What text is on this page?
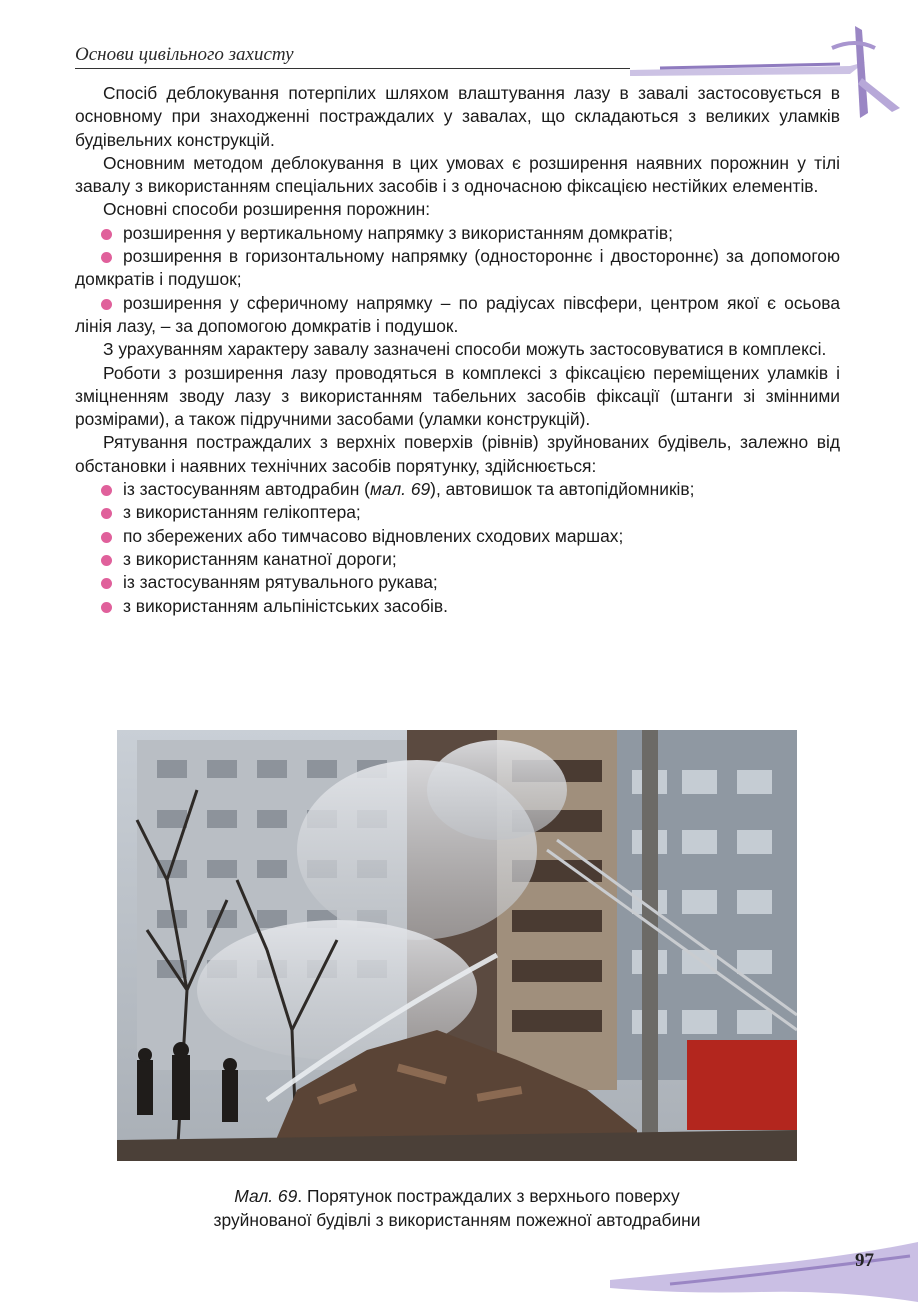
Основи цивільного захисту

Спосіб деблокування потерпілих шляхом влаштування лазу в завалі застосовується в основному при знаходженні постраждалих у завалах, що складаються з великих уламків будівельних конструкцій.

Основним методом деблокування в цих умовах є розширення наявних порожнин у тілі завалу з використанням спеціальних засобів і з одночасною фіксацією нестійких елементів.

Основні способи розширення порожнин:

розширення у вертикальному напрямку з використанням домкратів;
розширення в горизонтальному напрямку (одностороннє і двостороннє) за допомогою домкратів і подушок;
розширення у сферичному напрямку – по радіусах півсфери, центром якої є осьова лінія лазу, – за допомогою домкратів і подушок.

З урахуванням характеру завалу зазначені способи можуть застосовуватися в комплексі.

Роботи з розширення лазу проводяться в комплексі з фіксацією переміщених уламків і зміцненням зводу лазу з використанням табельних засобів фіксації (штанги зі змінними розмірами), а також підручними засобами (уламки конструкцій).

Рятування постраждалих з верхніх поверхів (рівнів) зруйнованих будівель, залежно від обстановки і наявних технічних засобів порятунку, здійснюється:

із застосуванням автодрабин (мал. 69), автовишок та автопідйомників;
з використанням гелікоптера;
по збережених або тимчасово відновлених сходових маршах;
з використанням канатної дороги;
із застосуванням рятувального рукава;
з використанням альпіністських засобів.
Мал. 69. Порятунок постраждалих з верхнього поверху
зруйнованої будівлі з використанням пожежної автодрабини
97
